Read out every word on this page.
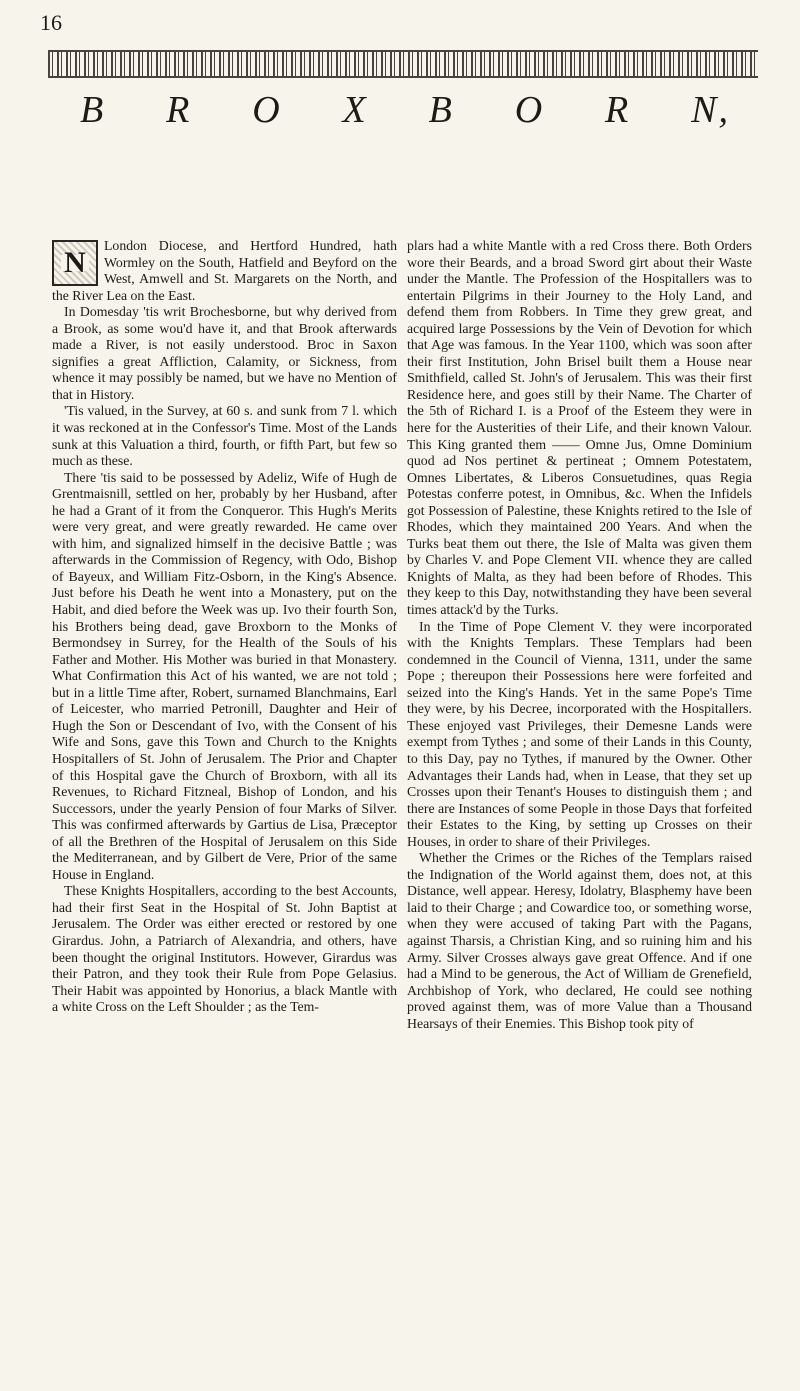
16
B R O X B O R N,
N

London Diocese, and Hertford Hundred, hath Wormley on the South, Hatfield and Beyford on the West, Amwell and St. Margarets on the North, and the River Lea on the East.

In Domesday 'tis writ Brochesborne, but why derived from a Brook, as some wou'd have it, and that Brook afterwards made a River, is not easily understood. Broc in Saxon signifies a great Affliction, Calamity, or Sickness, from whence it may possibly be named, but we have no Mention of that in History.

'Tis valued, in the Survey, at 60 s. and sunk from 7 l. which it was reckoned at in the Confessor's Time. Most of the Lands sunk at this Valuation a third, fourth, or fifth Part, but few so much as these.

There 'tis said to be possessed by Adeliz, Wife of Hugh de Grentmaisnill, settled on her, probably by her Husband, after he had a Grant of it from the Conqueror. This Hugh's Merits were very great, and were greatly rewarded. He came over with him, and signalized himself in the decisive Battle ; was afterwards in the Commission of Regency, with Odo, Bishop of Bayeux, and William Fitz-Osborn, in the King's Absence. Just before his Death he went into a Monastery, put on the Habit, and died before the Week was up. Ivo their fourth Son, his Brothers being dead, gave Broxborn to the Monks of Bermondsey in Surrey, for the Health of the Souls of his Father and Mother. His Mother was buried in that Monastery. What Confirmation this Act of his wanted, we are not told ; but in a little Time after, Robert, surnamed Blanchmains, Earl of Leicester, who married Petronill, Daughter and Heir of Hugh the Son or Descendant of Ivo, with the Consent of his Wife and Sons, gave this Town and Church to the Knights Hospitallers of St. John of Jerusalem. The Prior and Chapter of this Hospital gave the Church of Broxborn, with all its Revenues, to Richard Fitzneal, Bishop of London, and his Successors, under the yearly Pension of four Marks of Silver. This was confirmed afterwards by Gartius de Lisa, Præceptor of all the Brethren of the Hospital of Jerusalem on this Side the Mediterranean, and by Gilbert de Vere, Prior of the same House in England.

These Knights Hospitallers, according to the best Accounts, had their first Seat in the Hospital of St. John Baptist at Jerusalem. The Order was either erected or restored by one Girardus. John, a Patriarch of Alexandria, and others, have been thought the original Institutors. However, Girardus was their Patron, and they took their Rule from Pope Gelasius. Their Habit was appointed by Honorius, a black Mantle with a white Cross on the Left Shoulder ; as the Tem-

plars had a white Mantle with a red Cross there. Both Orders wore their Beards, and a broad Sword girt about their Waste under the Mantle. The Profession of the Hospitallers was to entertain Pilgrims in their Journey to the Holy Land, and defend them from Robbers. In Time they grew great, and acquired large Possessions by the Vein of Devotion for which that Age was famous. In the Year 1100, which was soon after their first Institution, John Brisel built them a House near Smithfield, called St. John's of Jerusalem. This was their first Residence here, and goes still by their Name. The Charter of the 5th of Richard I. is a Proof of the Esteem they were in here for the Austerities of their Life, and their known Valour. This King granted them —— Omne Jus, Omne Dominium quod ad Nos pertinet & pertineat ; Omnem Potestatem, Omnes Libertates, & Liberos Consuetudines, quas Regia Potestas conferre potest, in Omnibus, &c. When the Infidels got Possession of Palestine, these Knights retired to the Isle of Rhodes, which they maintained 200 Years. And when the Turks beat them out there, the Isle of Malta was given them by Charles V. and Pope Clement VII. whence they are called Knights of Malta, as they had been before of Rhodes. This they keep to this Day, notwithstanding they have been several times attack'd by the Turks.

In the Time of Pope Clement V. they were incorporated with the Knights Templars. These Templars had been condemned in the Council of Vienna, 1311, under the same Pope ; thereupon their Possessions here were forfeited and seized into the King's Hands. Yet in the same Pope's Time they were, by his Decree, incorporated with the Hospitallers. These enjoyed vast Privileges, their Demesne Lands were exempt from Tythes ; and some of their Lands in this County, to this Day, pay no Tythes, if manured by the Owner. Other Advantages their Lands had, when in Lease, that they set up Crosses upon their Tenant's Houses to distinguish them ; and there are Instances of some People in those Days that forfeited their Estates to the King, by setting up Crosses on their Houses, in order to share of their Privileges.

Whether the Crimes or the Riches of the Templars raised the Indignation of the World against them, does not, at this Distance, well appear. Heresy, Idolatry, Blasphemy have been laid to their Charge ; and Cowardice too, or something worse, when they were accused of taking Part with the Pagans, against Tharsis, a Christian King, and so ruining him and his Army. Silver Crosses always gave great Offence. And if one had a Mind to be generous, the Act of William de Grenefield, Archbishop of York, who declared, He could see nothing proved against them, was of more Value than a Thousand Hearsays of their Enemies. This Bishop took pity of
